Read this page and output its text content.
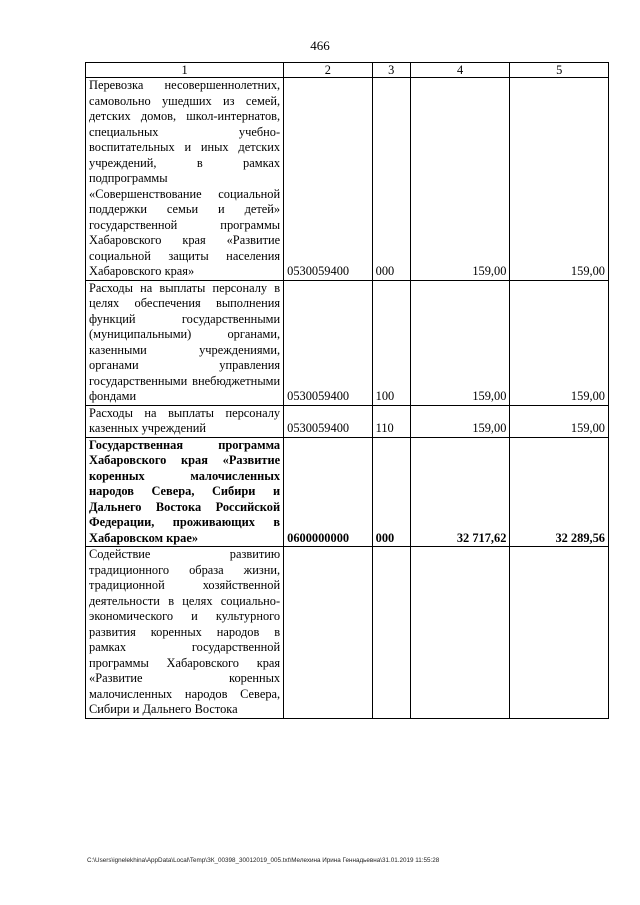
466
1	2	3	4	5
Перевозка несовершеннолетних, самовольно ушедших из семей, детских домов, школ-интернатов, специальных учебно-воспитательных и иных детских учреждений, в рамках подпрограммы «Совершенствование социальной поддержки семьи и детей» государственной программы Хабаровского края «Развитие социальной защиты населения Хабаровского края»	0530059400	000	159,00	159,00
Расходы на выплаты персоналу в целях обеспечения выполнения функций государственными (муниципальными) органами, казенными учреждениями, органами управления государственными внебюджетными фондами	0530059400	100	159,00	159,00
Расходы на выплаты персоналу казенных учреждений	0530059400	110	159,00	159,00
Государственная программа Хабаровского края «Развитие коренных малочисленных народов Севера, Сибири и Дальнего Востока Российской Федерации, проживающих в Хабаровском крае»	0600000000	000	32 717,62	32 289,56
Содействие развитию традиционного образа жизни, традиционной хозяйственной деятельности в целях социально-экономического и культурного развития коренных народов в рамках государственной программы Хабаровского края «Развитие коренных малочисленных народов Севера, Сибири и Дальнего Востока				
C:\Users\ignelekhina\AppData\Local\Temp\ЗК_00398_30012019_005.txt\Мелехина Ирина Геннадьевна\31.01.2019 11:55:28
